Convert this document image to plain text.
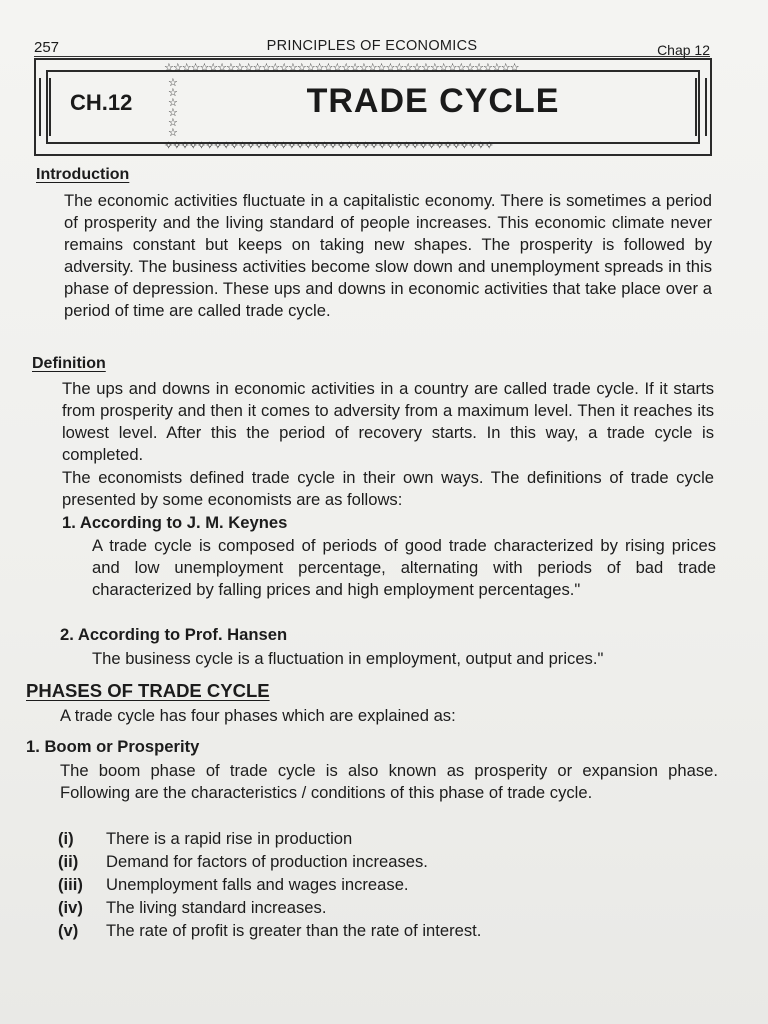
257	PRINCIPLES OF ECONOMICS	Chap 12
☆☆☆☆☆☆☆☆☆☆☆☆☆☆☆☆☆☆☆☆☆☆☆☆☆☆☆☆☆☆☆☆☆☆☆☆☆☆☆☆
✧✧✧✧✧✧✧✧✧✧✧✧✧✧✧✧✧✧✧✧✧✧✧✧✧✧✧✧✧✧✧✧✧✧✧✧✧✧✧✧
☆☆☆☆☆☆
CH.12	TRADE CYCLE
Introduction
The economic activities fluctuate in a capitalistic economy. There is sometimes a period of prosperity and the living standard of people increases. This economic climate never remains constant but keeps on taking new shapes. The prosperity is followed by adversity. The business activities become slow down and unemployment spreads in this phase of depression. These ups and downs in economic activities that take place over a period of time are called trade cycle.
Definition
The ups and downs in economic activities in a country are called trade cycle. If it starts from prosperity and then it comes to adversity from a maximum level. Then it reaches its lowest level. After this the period of recovery starts. In this way, a trade cycle is completed.
The economists defined trade cycle in their own ways. The definitions of trade cycle presented by some economists are as follows:
1. According to J. M. Keynes
A trade cycle is composed of periods of good trade characterized by rising prices and low unemployment percentage, alternating with periods of bad trade characterized by falling prices and high employment percentages."
2. According to Prof. Hansen
The business cycle is a fluctuation in employment, output and prices."
PHASES OF TRADE CYCLE
A trade cycle has four phases which are explained as:
1. Boom or Prosperity
The boom phase of trade cycle is also known as prosperity or expansion phase. Following are the characteristics / conditions of this phase of trade cycle.
(i) There is a rapid rise in production
(ii) Demand for factors of production increases.
(iii) Unemployment falls and wages increase.
(iv) The living standard increases.
(v) The rate of profit is greater than the rate of interest.
